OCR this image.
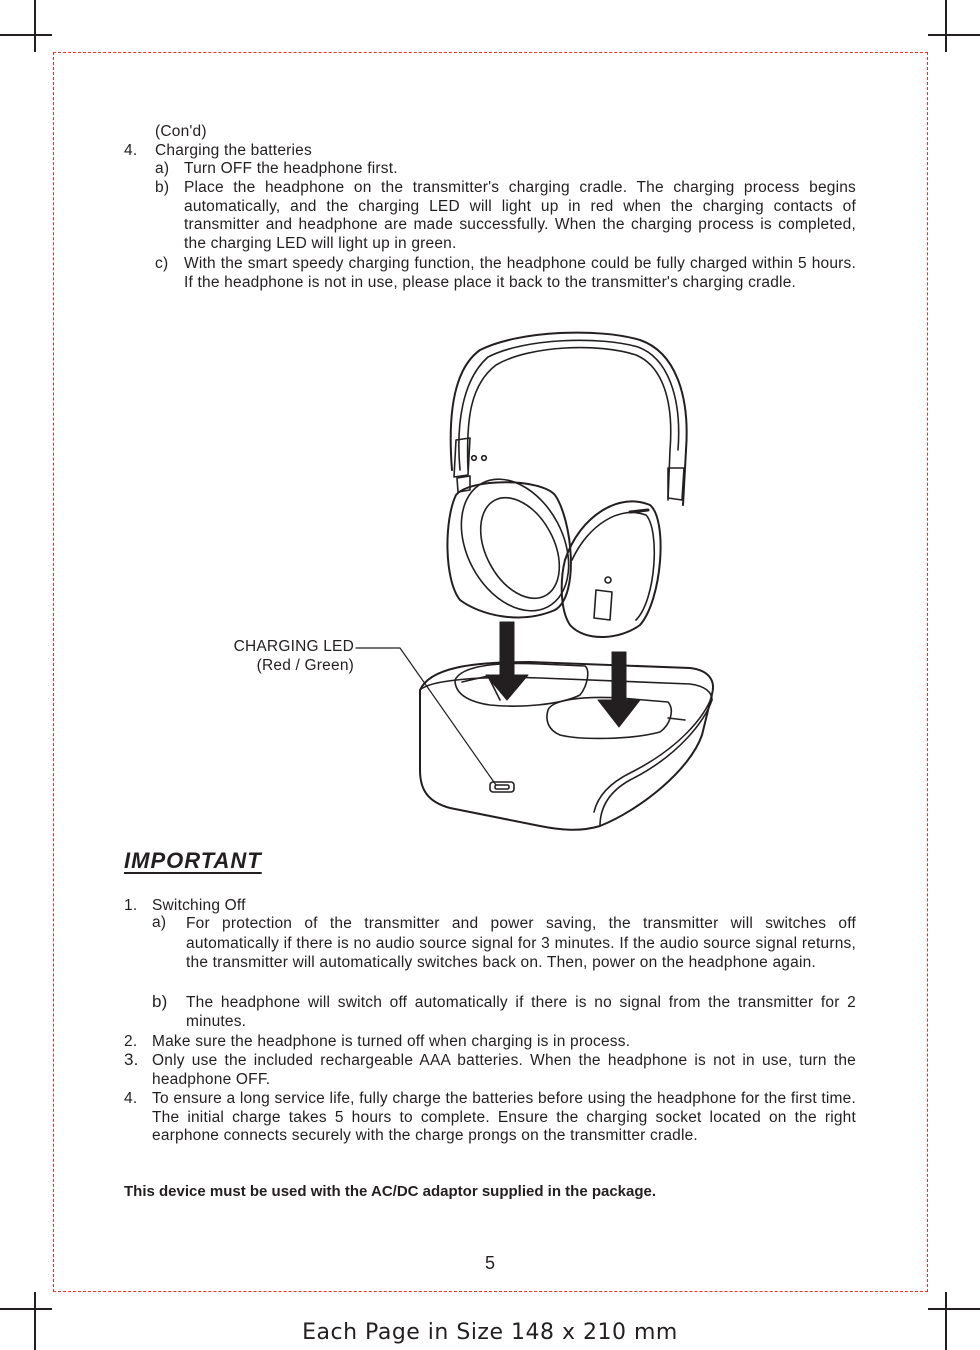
(Con'd)
4. Charging the batteries
a) Turn OFF the headphone first.
b) Place the headphone on the transmitter's charging cradle. The charging process begins automatically, and the charging LED will light up in red when the charging contacts of transmitter and headphone are made successfully. When the charging process is completed, the charging LED will light up in green.
c) With the smart speedy charging function, the headphone could be fully charged within 5 hours. If the headphone is not in use, please place it back to the transmitter's charging cradle.
CHARGING LED
(Red / Green)
IMPORTANT
1. Switching Off
a) For protection of the transmitter and power saving, the transmitter will switches off automatically if there is no audio source signal for 3 minutes. If the audio source signal returns, the transmitter will automatically switches back on. Then, power on the headphone again.
b) The headphone will switch off automatically if there is no signal from the transmitter for 2 minutes.
2. Make sure the headphone is turned off when charging is in process.
3. Only use the included rechargeable AAA batteries. When the headphone is not in use, turn the headphone OFF.
4. To ensure a long service life, fully charge the batteries before using the headphone for the first time. The initial charge takes 5 hours to complete. Ensure the charging socket located on the right earphone connects securely with the charge prongs on the transmitter cradle.
This device must be used with the AC/DC adaptor supplied in the package.
5
Each Page in Size 148 x 210 mm
